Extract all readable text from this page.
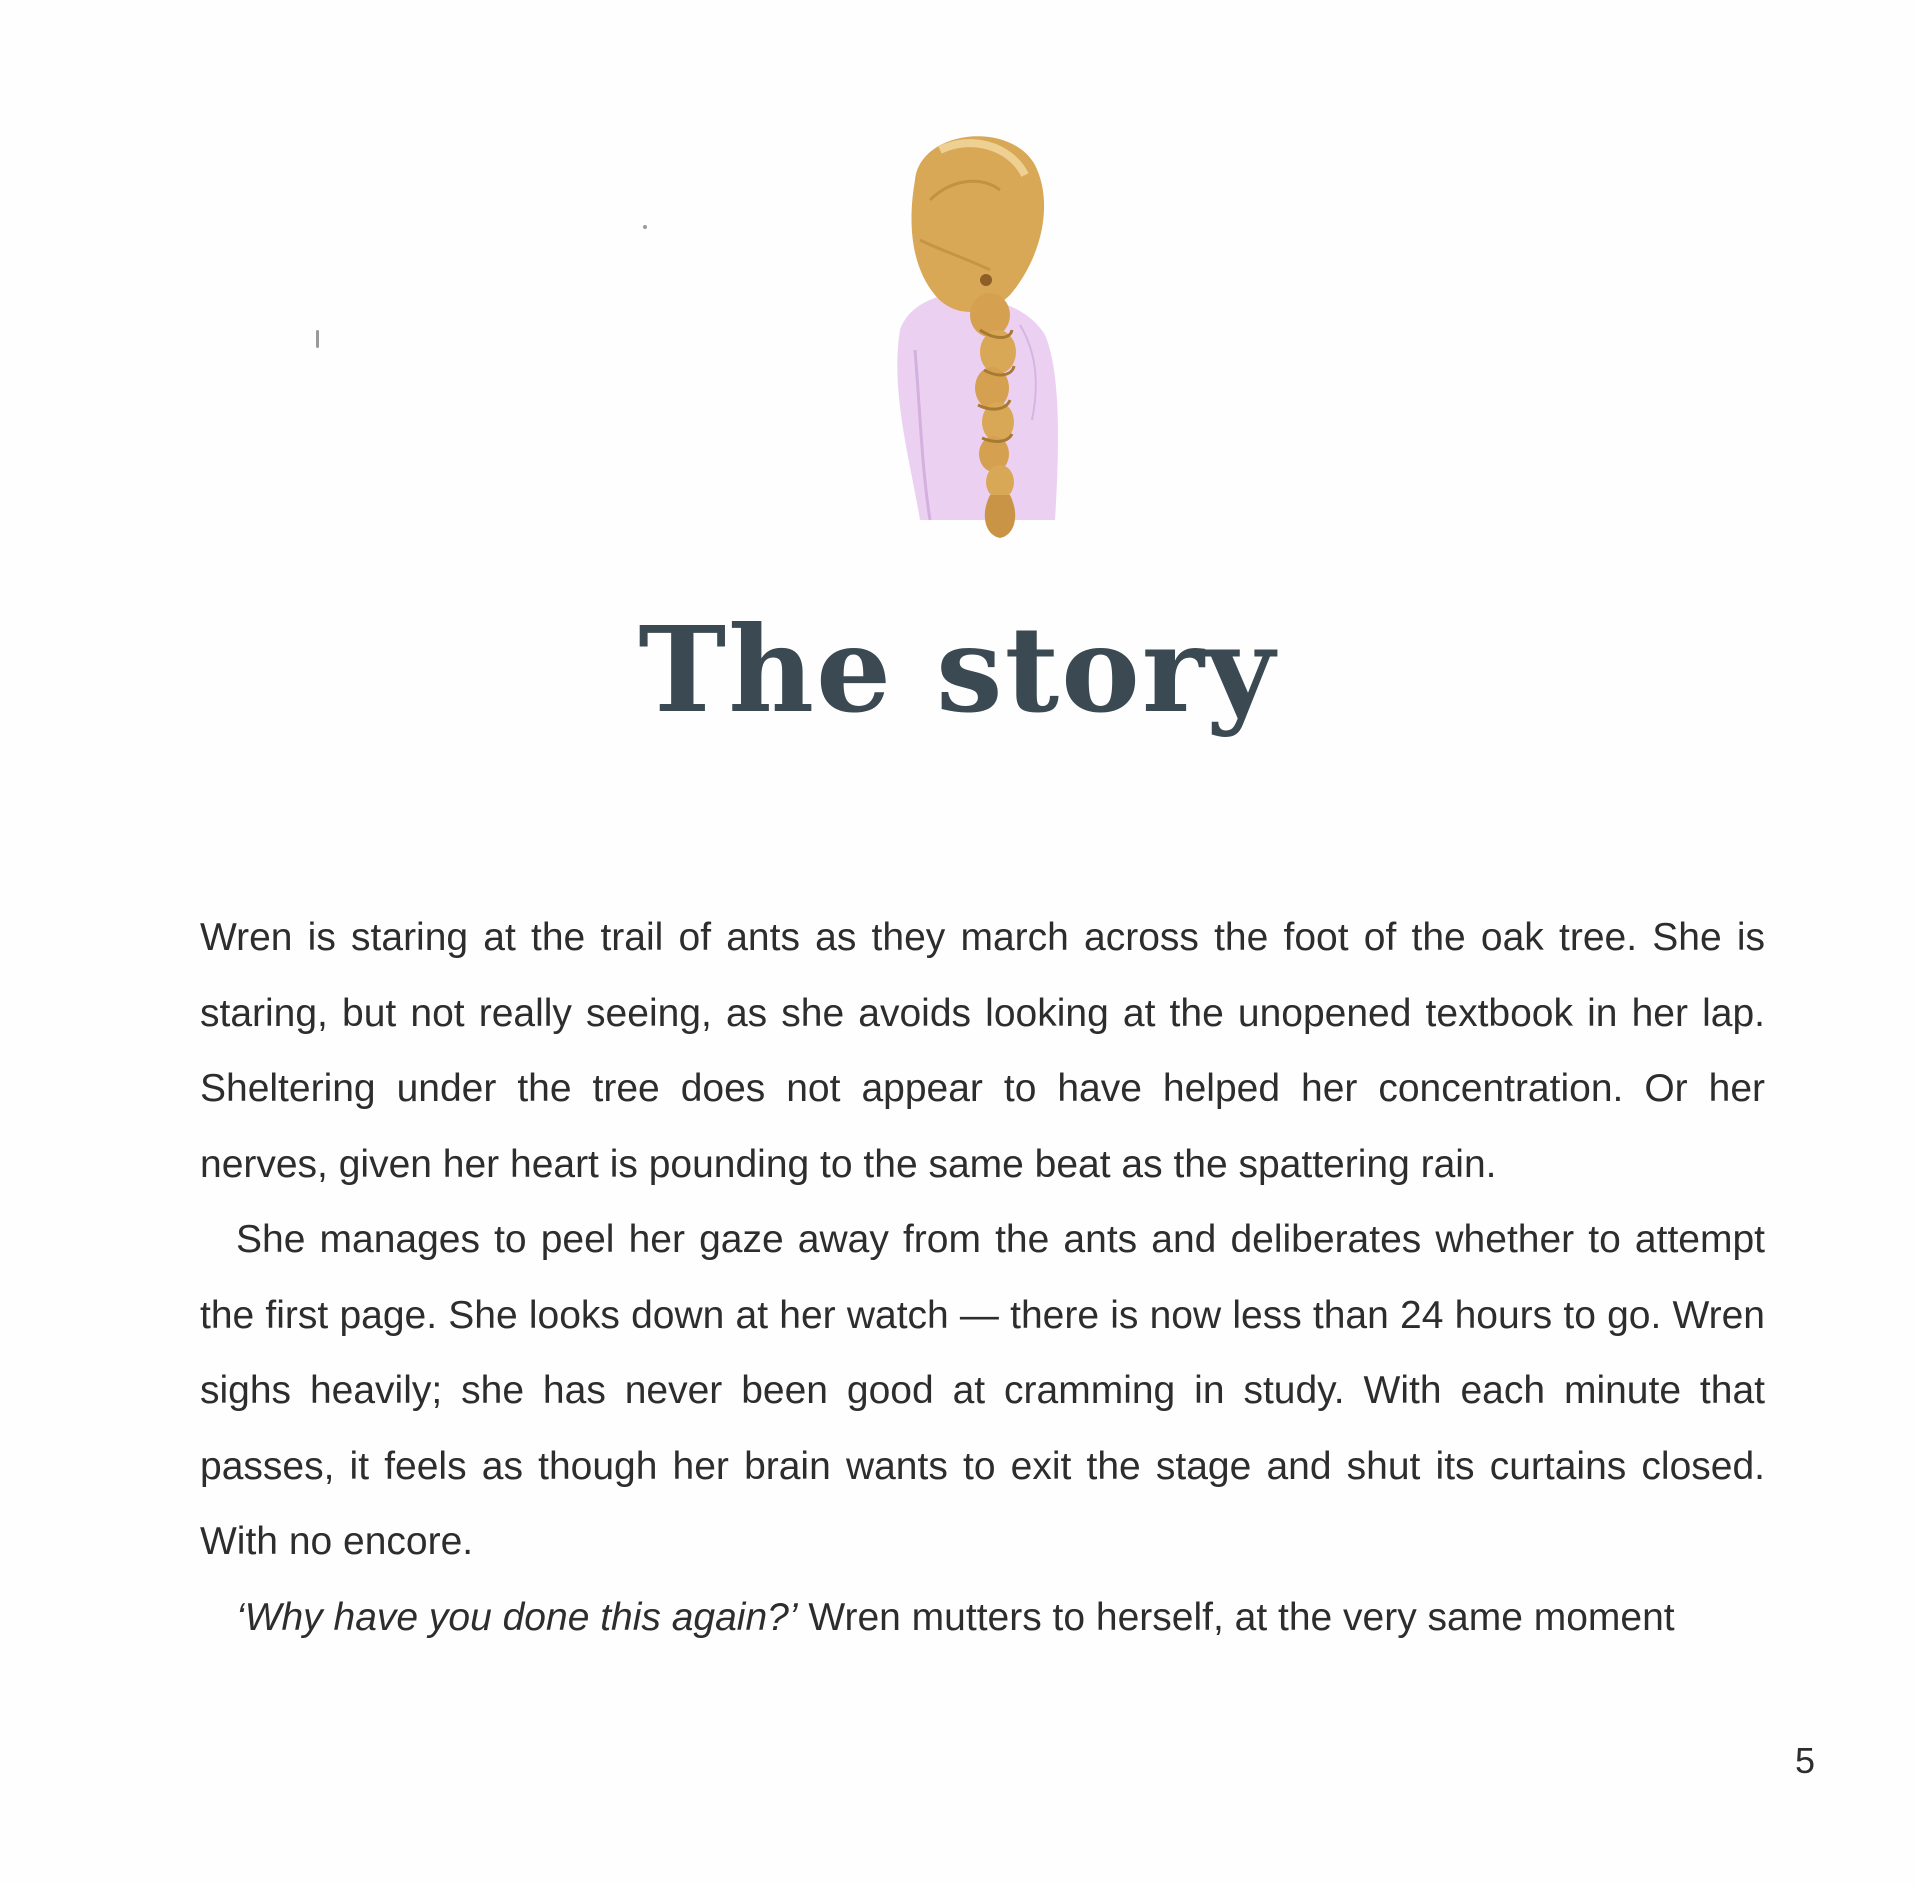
The story

Wren is staring at the trail of ants as they march across the foot of the oak tree. She is staring, but not really seeing, as she avoids looking at the unopened textbook in her lap. Sheltering under the tree does not appear to have helped her concentration. Or her nerves, given her heart is pounding to the same beat as the spattering rain.

She manages to peel her gaze away from the ants and deliberates whether to attempt the first page. She looks down at her watch — there is now less than 24 hours to go. Wren sighs heavily; she has never been good at cramming in study. With each minute that passes, it feels as though her brain wants to exit the stage and shut its curtains closed. With no encore.

‘Why have you done this again?’ Wren mutters to herself, at the very same moment

5
